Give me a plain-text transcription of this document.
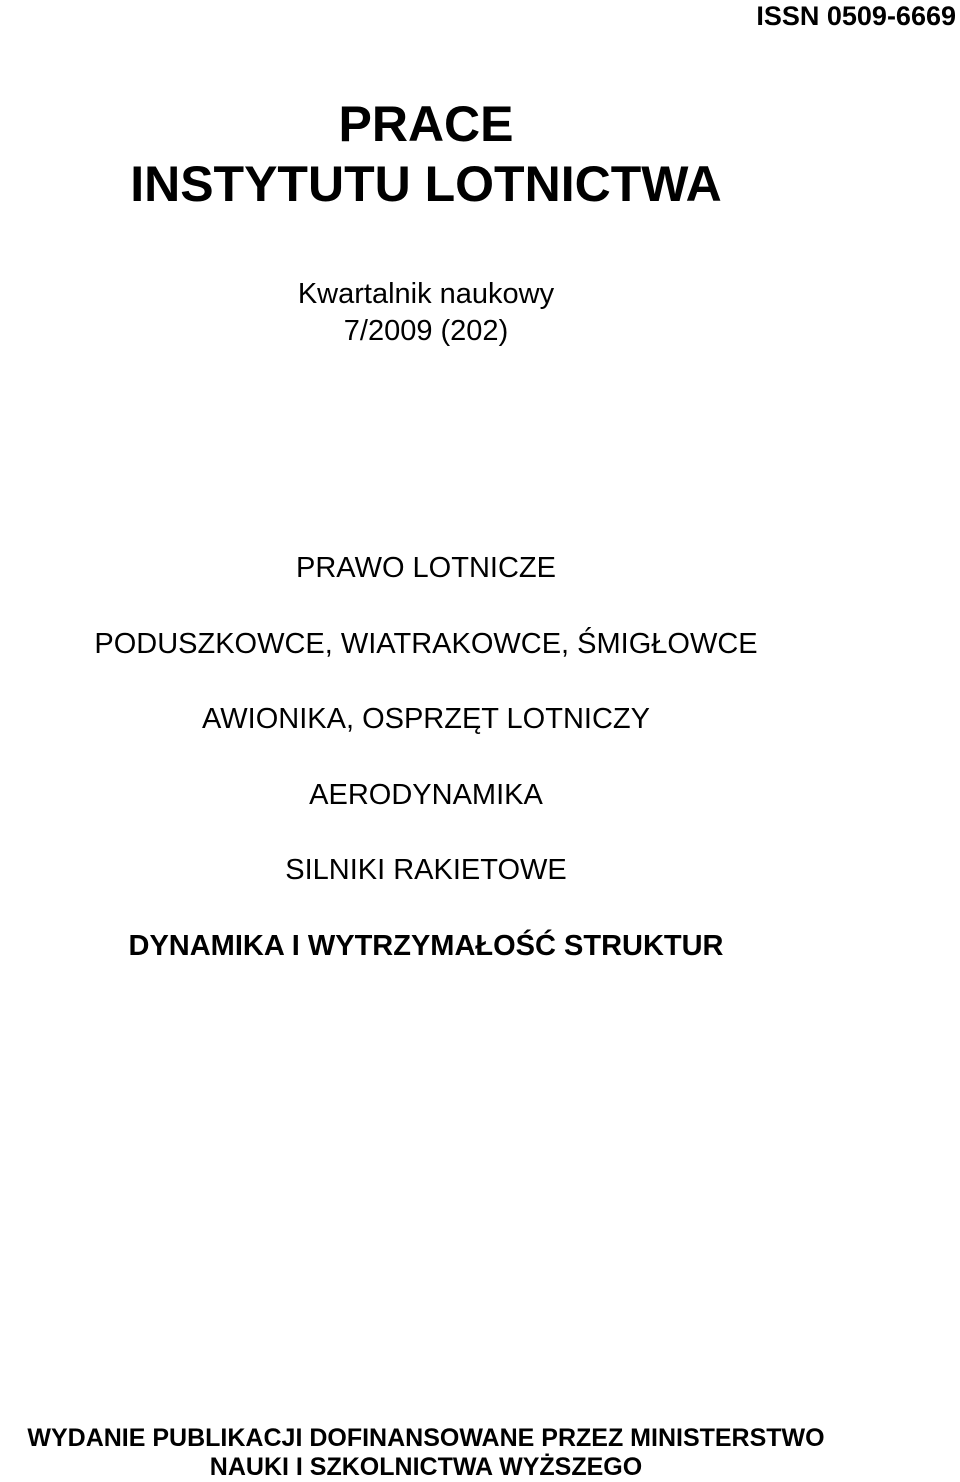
ISSN 0509-6669
PRACE
INSTYTUTU LOTNICTWA
Kwartalnik naukowy
7/2009 (202)
PRAWO LOTNICZE
PODUSZKOWCE, WIATRAKOWCE, ŚMIGŁOWCE
AWIONIKA, OSPRZĘT LOTNICZY
AERODYNAMIKA
SILNIKI RAKIETOWE
DYNAMIKA I WYTRZYMAŁOŚĆ STRUKTUR
WYDANIE PUBLIKACJI DOFINANSOWANE PRZEZ MINISTERSTWO
NAUKI I SZKOLNICTWA WYŻSZEGO
